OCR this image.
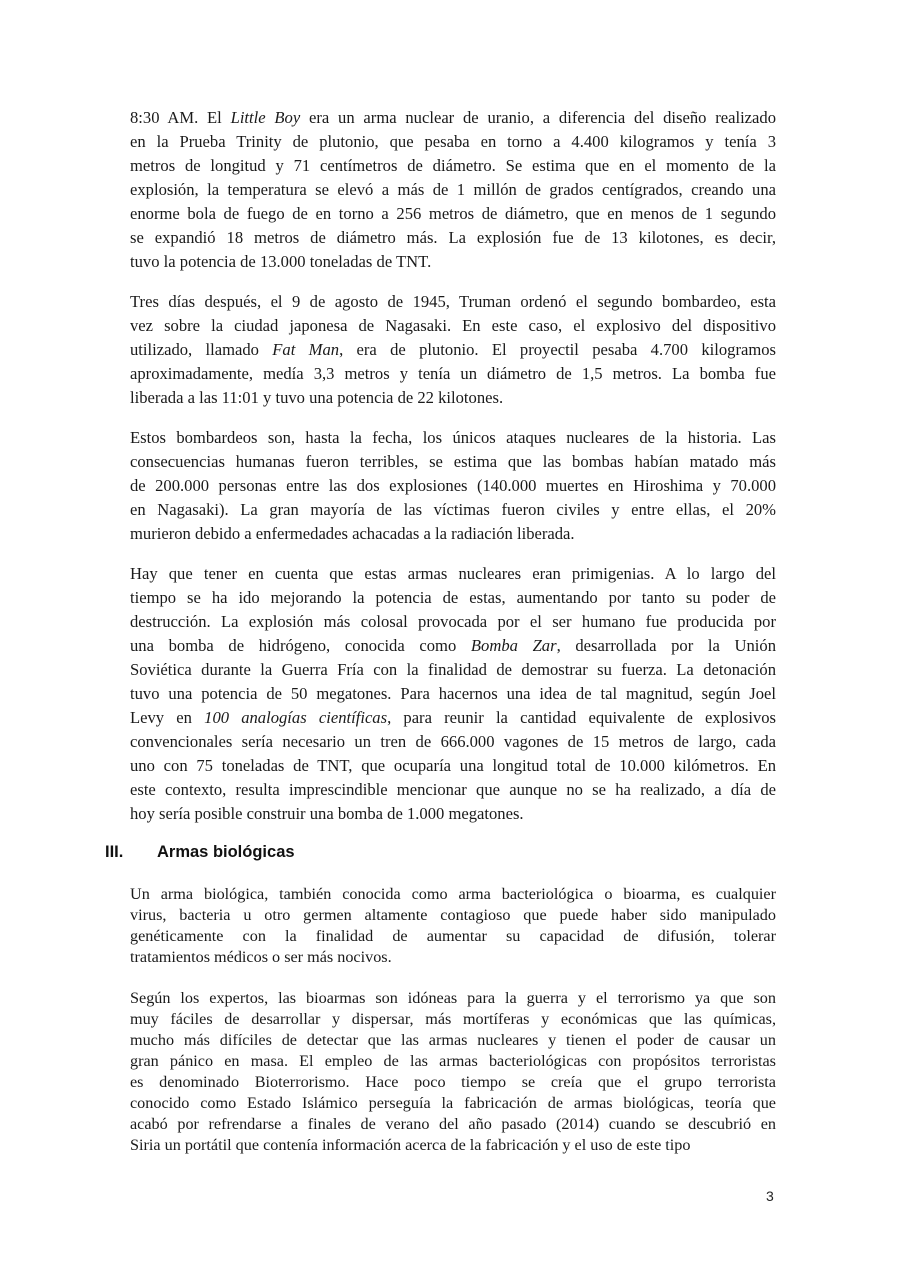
8:30 AM. El Little Boy era un arma nuclear de uranio, a diferencia del diseño realizado
en la Prueba Trinity de plutonio, que pesaba en torno a 4.400 kilogramos y tenía 3
metros de longitud y 71 centímetros de diámetro. Se estima que en el momento de la
explosión, la temperatura se elevó a más de 1 millón de grados centígrados, creando una
enorme bola de fuego de en torno a 256 metros de diámetro, que en menos de 1 segundo
se expandió 18 metros de diámetro más. La explosión fue de 13 kilotones, es decir,
tuvo la potencia de 13.000 toneladas de TNT.
Tres días después, el 9 de agosto de 1945, Truman ordenó el segundo bombardeo, esta
vez sobre la ciudad japonesa de Nagasaki. En este caso, el explosivo del dispositivo
utilizado, llamado Fat Man, era de plutonio. El proyectil pesaba 4.700 kilogramos
aproximadamente, medía 3,3 metros y tenía un diámetro de 1,5 metros. La bomba fue
liberada a las 11:01 y tuvo una potencia de 22 kilotones.
Estos bombardeos son, hasta la fecha, los únicos ataques nucleares de la historia. Las
consecuencias humanas fueron terribles, se estima que las bombas habían matado más
de 200.000 personas entre las dos explosiones (140.000 muertes en Hiroshima y 70.000
en Nagasaki). La gran mayoría de las víctimas fueron civiles y entre ellas, el 20%
murieron debido a enfermedades achacadas a la radiación liberada.
Hay que tener en cuenta que estas armas nucleares eran primigenias. A lo largo del
tiempo se ha ido mejorando la potencia de estas, aumentando por tanto su poder de
destrucción. La explosión más colosal provocada por el ser humano fue producida por
una bomba de hidrógeno, conocida como Bomba Zar, desarrollada por la Unión
Soviética durante la Guerra Fría con la finalidad de demostrar su fuerza. La detonación
tuvo una potencia de 50 megatones. Para hacernos una idea de tal magnitud, según Joel
Levy en 100 analogías científicas, para reunir la cantidad equivalente de explosivos
convencionales sería necesario un tren de 666.000 vagones de 15 metros de largo, cada
uno con 75 toneladas de TNT, que ocuparía una longitud total de 10.000 kilómetros. En
este contexto, resulta imprescindible mencionar que aunque no se ha realizado, a día de
hoy sería posible construir una bomba de 1.000 megatones.
III. Armas biológicas
Un arma biológica, también conocida como arma bacteriológica o bioarma, es cualquier
virus, bacteria u otro germen altamente contagioso que puede haber sido manipulado
genéticamente con la finalidad de aumentar su capacidad de difusión, tolerar
tratamientos médicos o ser más nocivos.
Según los expertos, las bioarmas son idóneas para la guerra y el terrorismo ya que son
muy fáciles de desarrollar y dispersar, más mortíferas y económicas que las químicas,
mucho más difíciles de detectar que las armas nucleares y tienen el poder de causar un
gran pánico en masa. El empleo de las armas bacteriológicas con propósitos terroristas
es denominado Bioterrorismo. Hace poco tiempo se creía que el grupo terrorista
conocido como Estado Islámico perseguía la fabricación de armas biológicas, teoría que
acabó por refrendarse a finales de verano del año pasado (2014) cuando se descubrió en
Siria un portátil que contenía información acerca de la fabricación y el uso de este tipo
3
